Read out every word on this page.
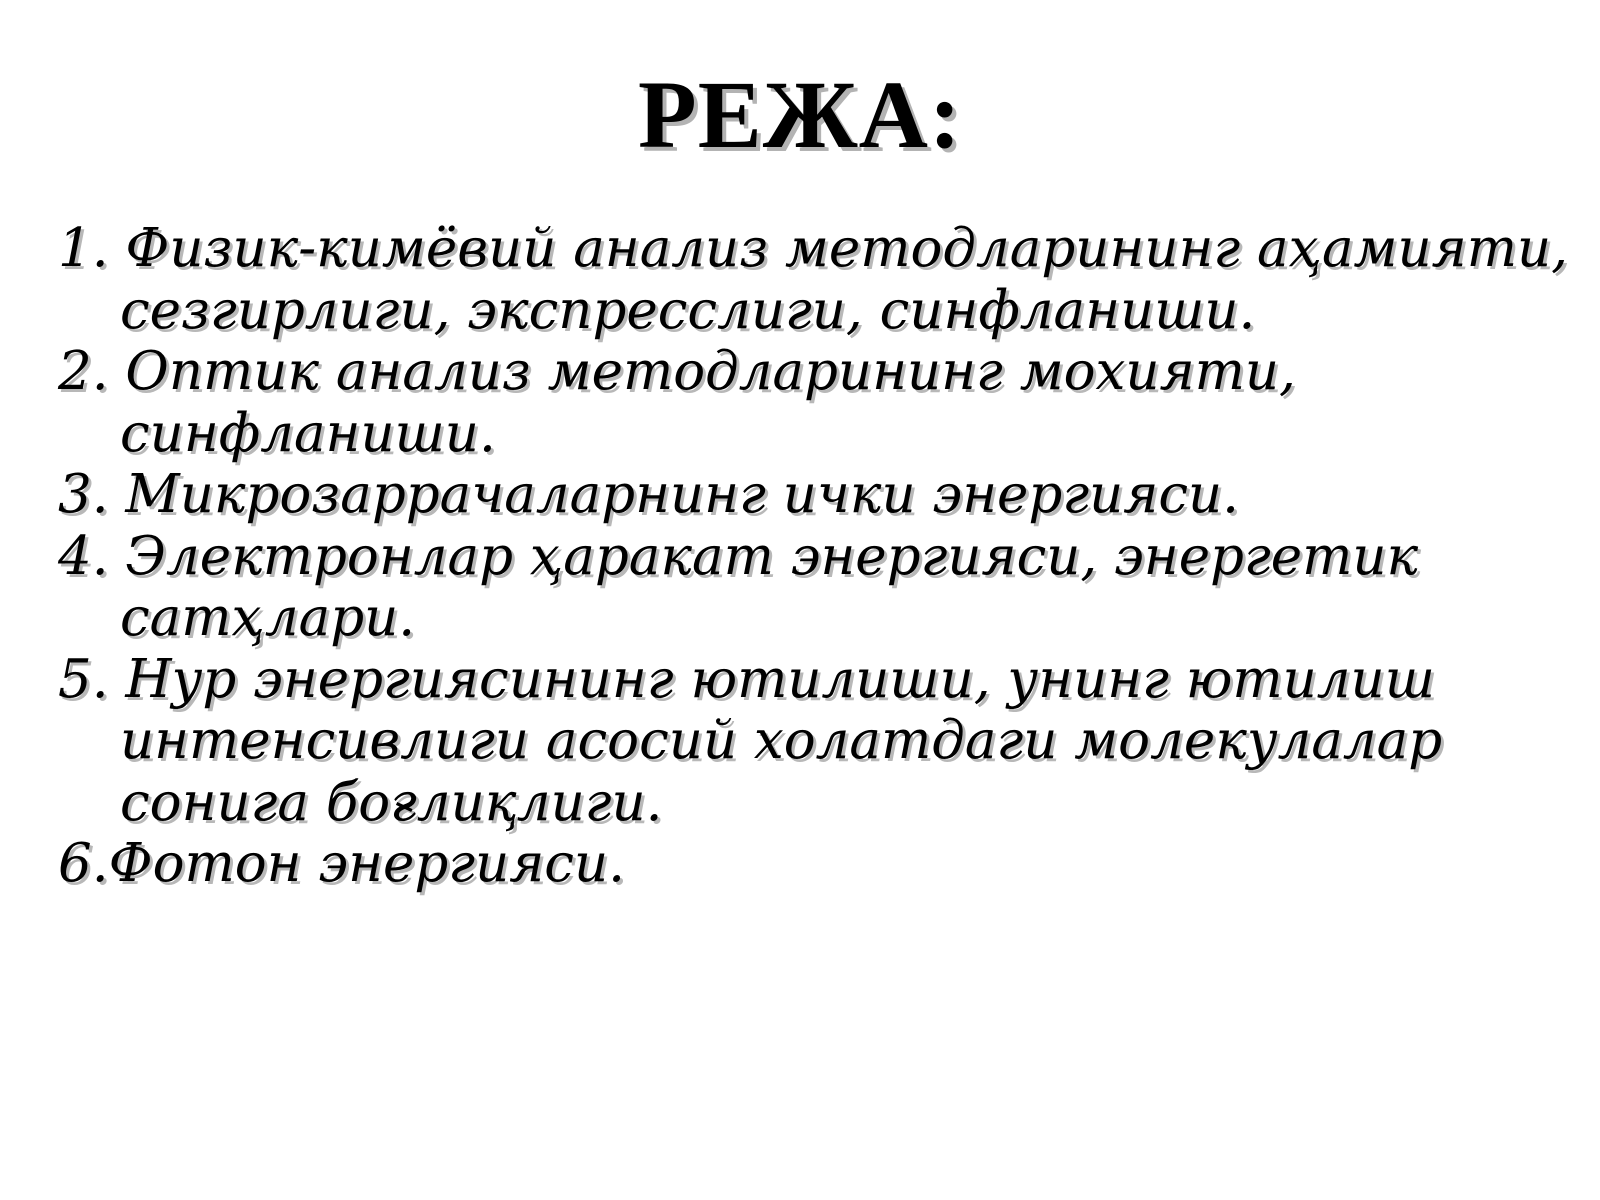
РЕЖА:
1. Физик-кимёвий анализ методларининг аҳамияти, сезгирлиги, экспресслиги, синфланиши.
2. Оптик анализ методларининг мохияти, синфланиши.
3. Микрозаррачаларнинг ички энергияси.
4. Электронлар ҳаракат энергияси, энергетик сатҳлари.
5. Нур энергиясининг ютилиши, унинг ютилиш интенсивлиги асосий холатдаги молекулалар сонига боғлиқлиги.
6.Фотон энергияси.
